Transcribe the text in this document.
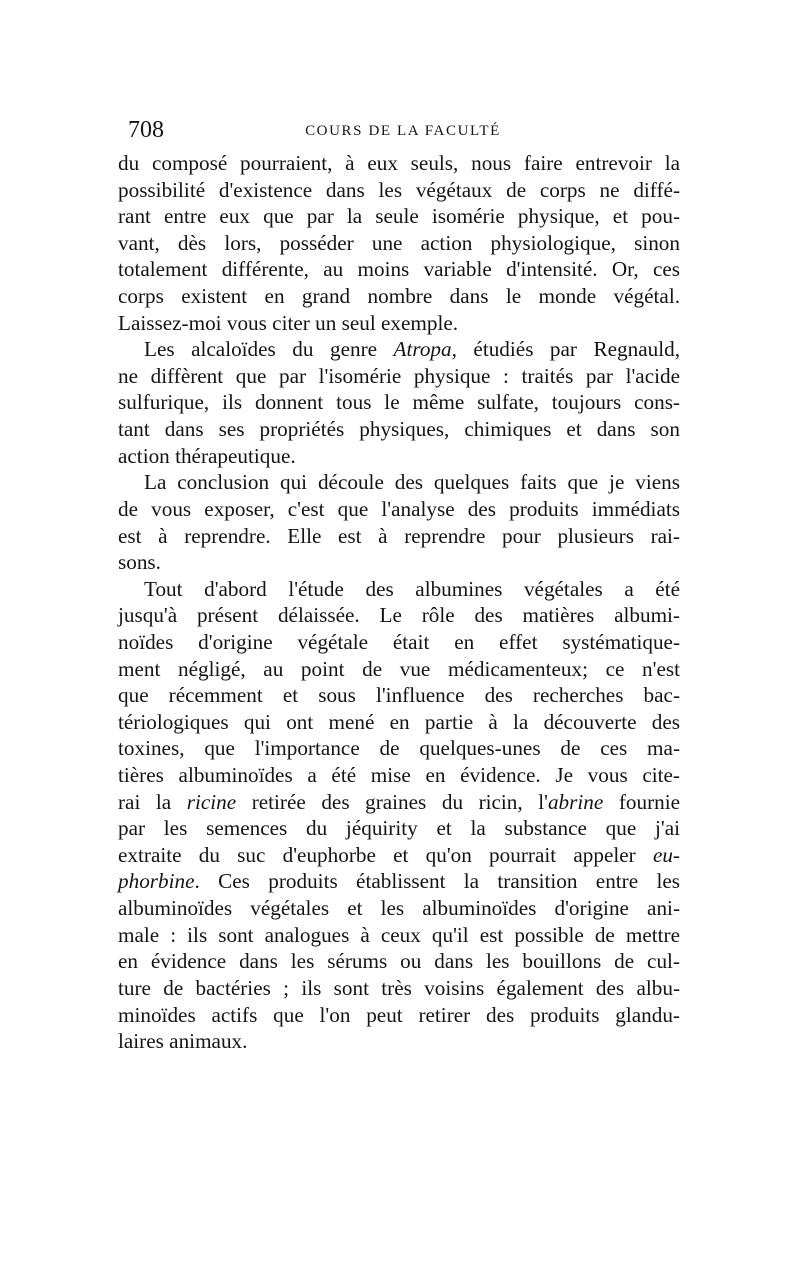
708	COURS DE LA FACULTÉ
du composé pourraient, à eux seuls, nous faire entrevoir la
possibilité d'existence dans les végétaux de corps ne diffé-
rant entre eux que par la seule isomérie physique, et pou-
vant, dès lors, posséder une action physiologique, sinon
totalement différente, au moins variable d'intensité. Or, ces
corps existent en grand nombre dans le monde végétal.
Laissez-moi vous citer un seul exemple.
Les alcaloïdes du genre Atropa, étudiés par Regnauld,
ne diffèrent que par l'isomérie physique : traités par l'acide
sulfurique, ils donnent tous le même sulfate, toujours cons-
tant dans ses propriétés physiques, chimiques et dans son
action thérapeutique.
La conclusion qui découle des quelques faits que je viens
de vous exposer, c'est que l'analyse des produits immédiats
est à reprendre. Elle est à reprendre pour plusieurs rai-
sons.
Tout d'abord l'étude des albumines végétales a été
jusqu'à présent délaissée. Le rôle des matières albumi-
noïdes d'origine végétale était en effet systématique-
ment négligé, au point de vue médicamenteux; ce n'est
que récemment et sous l'influence des recherches bac-
tériologiques qui ont mené en partie à la découverte des
toxines, que l'importance de quelques-unes de ces ma-
tières albuminoïdes a été mise en évidence. Je vous cite-
rai la ricine retirée des graines du ricin, l'abrine fournie
par les semences du jéquirity et la substance que j'ai
extraite du suc d'euphorbe et qu'on pourrait appeler eu-
phorbine. Ces produits établissent la transition entre les
albuminoïdes végétales et les albuminoïdes d'origine ani-
male : ils sont analogues à ceux qu'il est possible de mettre
en évidence dans les sérums ou dans les bouillons de cul-
ture de bactéries ; ils sont très voisins également des albu-
minoïdes actifs que l'on peut retirer des produits glandu-
laires animaux.
